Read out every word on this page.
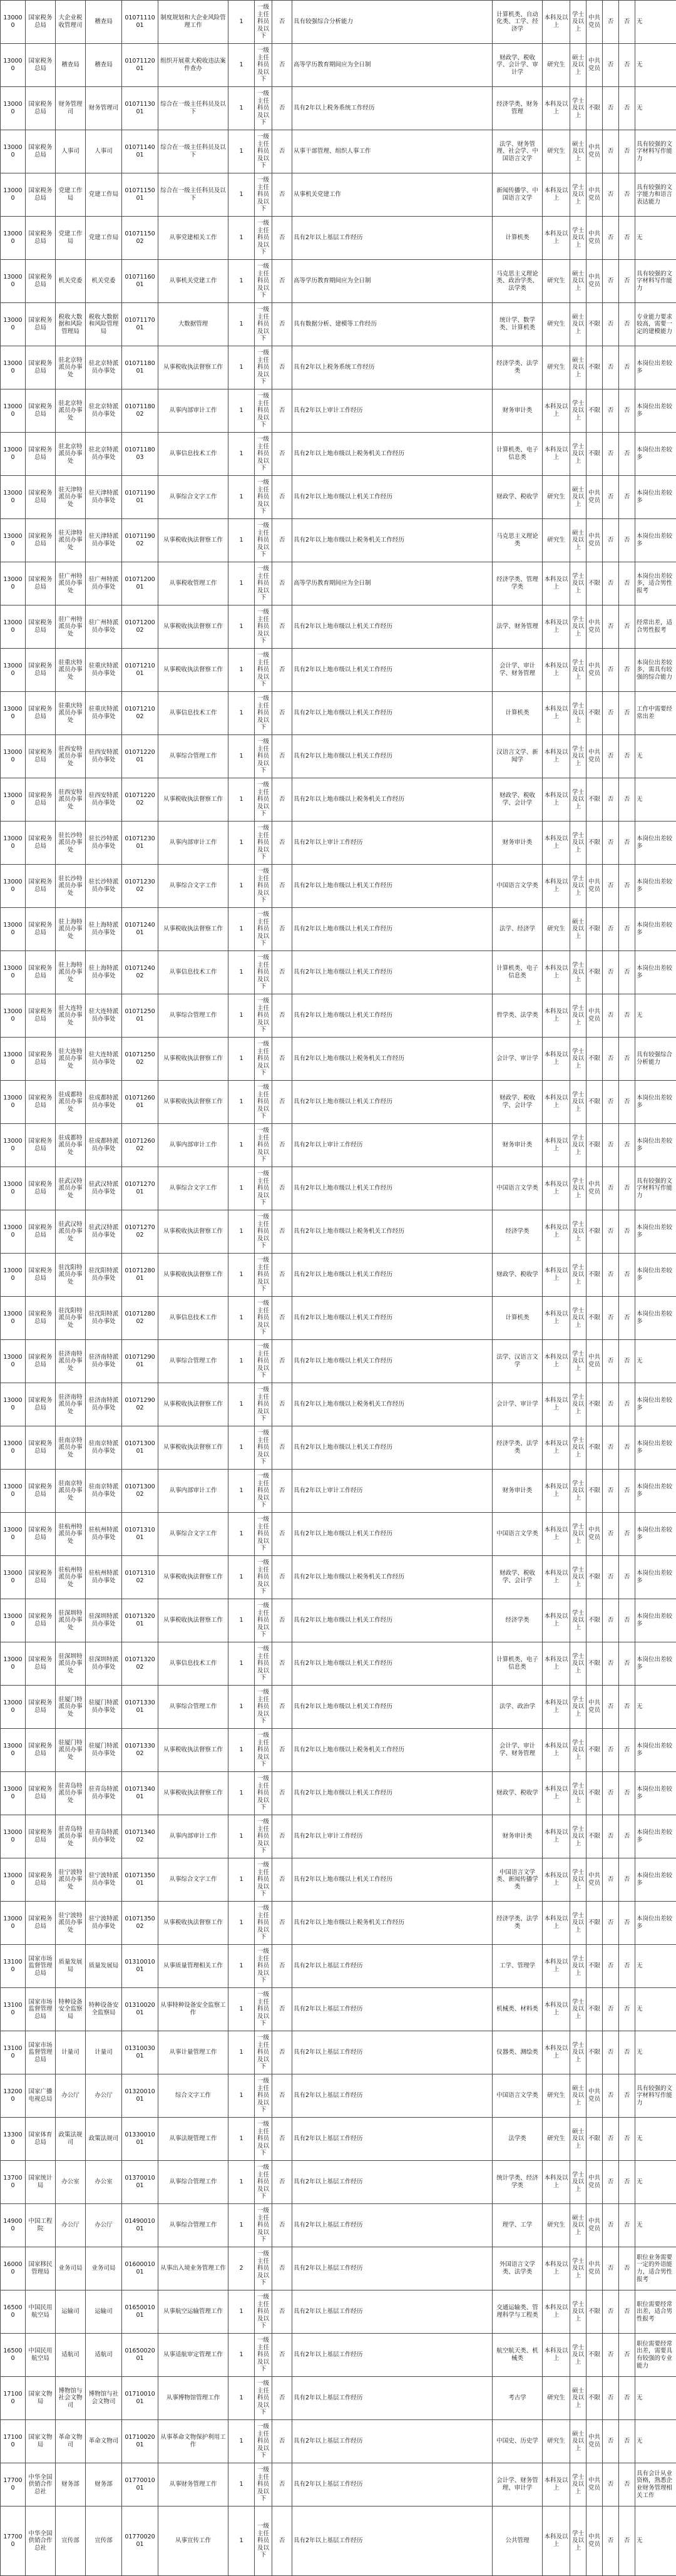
130000	国家税务总局	大企业税收管理司	稽查局	0107111001	制度规划和大企业风险管理工作	1	一级主任科员及以下	否	具有较强综合分析能力	计算机类、自动化类、工学、经济学	本科及以上	学士及以上	中共党员	否	否	无
130000	国家税务总局	稽查局	稽查局	0107112001	组织开展重大税收违法案件查办	1	一级主任科员及以下	否	高等学历教育期间应为全日制	财政学、税收学、会计学、审计学	研究生	硕士及以上	中共党员	否	否	无
130000	国家税务总局	财务管理司	财务管理司	0107113001	综合在一级主任科员及以下	1	一级主任科员及以下	否	具有2年以上税务系统工作经历	经济学类、财务管理	本科及以上	学士及以上	不限	否	否	无
130000	国家税务总局	人事司	人事司	0107114001	综合在一级主任科员及以下	1	一级主任科员及以下	否	从事干部管理、组织人事工作	法学、财务管理、社会学、中国语言文学	研究生	硕士及以上	中共党员	否	否	具有较强的文字材料写作能力
130000	国家税务总局	党建工作局	党建工作局	0107115001	综合在一级主任科员及以下	1	一级主任科员及以下	否	从事机关党建工作	新闻传播学、中国语言文学	本科及以上	学士及以上	中共党员	否	否	具有较强的文字能力和语言表达能力
130000	国家税务总局	党建工作局	党建工作局	0107115002	从事党建相关工作	1	一级主任科员及以下	否	具有2年以上基层工作经历	计算机类	本科及以上	学士及以上	中共党员	否	否	无
130000	国家税务总局	机关党委	机关党委	0107116001	从事机关党建工作	1	一级主任科员及以下	否	高等学历教育期间应为全日制	马克思主义理论类、政治学类、法学类	研究生	硕士及以上	中共党员	否	否	具有较强的文字材料写作能力
130000	国家税务总局	税收大数据和风险管理局	税收大数据和风险管理局	0107117001	大数据管理	1	一级主任科员及以下	否	具有数据分析、建模等工作经历	统计学、数学类、计算机类	研究生	硕士及以上	不限	否	否	专业能力要求较高，需要一定的建模能力
130000	国家税务总局	驻北京特派员办事处	驻北京特派员办事处	0107118001	从事税收执法督察工作	1	一级主任科员及以下	否	具有2年以上税务系统工作经历	经济学类、法学类	研究生	硕士及以上	不限	否	否	本岗位出差较多
130000	国家税务总局	驻北京特派员办事处	驻北京特派员办事处	0107118002	从事内部审计工作	1	一级主任科员及以下	否	具有2年以上审计工作经历	财务审计类	本科及以上	学士及以上	不限	否	否	本岗位出差较多
130000	国家税务总局	驻北京特派员办事处	驻北京特派员办事处	0107118003	从事信息技术工作	1	一级主任科员及以下	否	具有2年以上地市级以上税务机关工作经历	计算机类、电子信息类	本科及以上	学士及以上	不限	否	否	本岗位出差较多
130000	国家税务总局	驻天津特派员办事处	驻天津特派员办事处	0107119001	从事综合文字工作	1	一级主任科员及以下	否	具有2年以上地市级以上机关工作经历	财政学、税收学	研究生	硕士及以上	中共党员	否	否	本岗位出差较多
130000	国家税务总局	驻天津特派员办事处	驻天津特派员办事处	0107119002	从事税收执法督察工作	1	一级主任科员及以下	否	具有2年以上地市级以上税务机关工作经历	马克思主义理论类	研究生	硕士及以上	中共党员	否	否	本岗位出差较多
130000	国家税务总局	驻广州特派员办事处	驻广州特派员办事处	0107120001	从事税收管理工作	1	一级主任科员及以下	否	高等学历教育期间应为全日制	经济学类、管理学类	本科及以上	学士及以上	不限	否	否	本岗位出差较多，适合男性报考
130000	国家税务总局	驻广州特派员办事处	驻广州特派员办事处	0107120002	从事税收执法督察工作	1	一级主任科员及以下	否	具有2年以上地市级以上机关工作经历	法学、财务管理	本科及以上	学士及以上	中共党员	否	否	经常出差，适合男性报考
130000	国家税务总局	驻重庆特派员办事处	驻重庆特派员办事处	0107121001	从事税收执法督察工作	1	一级主任科员及以下	否	具有2年以上地市级以上机关工作经历	会计学、审计学、财务管理	本科及以上	学士及以上	中共党员	否	否	本岗位出差较多，需具有较强的综合能力
130000	国家税务总局	驻重庆特派员办事处	驻重庆特派员办事处	0107121002	从事信息技术工作	1	一级主任科员及以下	否	具有2年以上地市级以上机关工作经历	计算机类	本科及以上	学士及以上	不限	否	否	工作中需要经常出差
130000	国家税务总局	驻西安特派员办事处	驻西安特派员办事处	0107122001	从事综合管理工作	1	一级主任科员及以下	否	具有2年以上地市级以上机关工作经历	汉语言文学、新闻学	本科及以上	学士及以上	中共党员	否	否	无
130000	国家税务总局	驻西安特派员办事处	驻西安特派员办事处	0107122002	从事税收执法督察工作	1	一级主任科员及以下	否	具有2年以上地市级以上税务机关工作经历	财政学、税收学、会计学	本科及以上	学士及以上	不限	否	否	无
130000	国家税务总局	驻长沙特派员办事处	驻长沙特派员办事处	0107123001	从事内部审计工作	1	一级主任科员及以下	否	具有2年以上审计工作经历	财务审计类	本科及以上	学士及以上	不限	否	否	本岗位出差较多
130000	国家税务总局	驻长沙特派员办事处	驻长沙特派员办事处	0107123002	从事综合文字工作	1	一级主任科员及以下	否	具有2年以上地市级以上机关工作经历	中国语言文学类	本科及以上	学士及以上	中共党员	否	否	本岗位出差较多
130000	国家税务总局	驻上海特派员办事处	驻上海特派员办事处	0107124001	从事税收执法督察工作	1	一级主任科员及以下	否	具有2年以上地市级以上机关工作经历	法学、经济学	研究生	硕士及以上	不限	否	否	本岗位出差较多
130000	国家税务总局	驻上海特派员办事处	驻上海特派员办事处	0107124002	从事信息技术工作	1	一级主任科员及以下	否	具有2年以上地市级以上机关工作经历	计算机类、电子信息类	本科及以上	学士及以上	不限	否	否	本岗位出差较多
130000	国家税务总局	驻大连特派员办事处	驻大连特派员办事处	0107125001	从事综合管理工作	1	一级主任科员及以下	否	具有2年以上地市级以上机关工作经历	哲学类、法学类	本科及以上	学士及以上	中共党员	否	否	无
130000	国家税务总局	驻大连特派员办事处	驻大连特派员办事处	0107125002	从事税收执法督察工作	1	一级主任科员及以下	否	具有2年以上地市级以上税务机关工作经历	会计学、审计学	本科及以上	学士及以上	不限	否	否	具有较强综合分析能力
130000	国家税务总局	驻成都特派员办事处	驻成都特派员办事处	0107126001	从事税收执法督察工作	1	一级主任科员及以下	否	具有2年以上地市级以上机关工作经历	财政学、税收学、会计学	本科及以上	学士及以上	不限	否	否	本岗位出差较多
130000	国家税务总局	驻成都特派员办事处	驻成都特派员办事处	0107126002	从事内部审计工作	1	一级主任科员及以下	否	具有2年以上审计工作经历	财务审计类	本科及以上	学士及以上	不限	否	否	本岗位出差较多
130000	国家税务总局	驻武汉特派员办事处	驻武汉特派员办事处	0107127001	从事综合文字工作	1	一级主任科员及以下	否	具有2年以上地市级以上机关工作经历	中国语言文学类	本科及以上	学士及以上	中共党员	否	否	具有较强的文字材料写作能力
130000	国家税务总局	驻武汉特派员办事处	驻武汉特派员办事处	0107127002	从事税收执法督察工作	1	一级主任科员及以下	否	具有2年以上地市级以上税务机关工作经历	经济学类	本科及以上	学士及以上	不限	否	否	本岗位出差较多
130000	国家税务总局	驻沈阳特派员办事处	驻沈阳特派员办事处	0107128001	从事税收执法督察工作	1	一级主任科员及以下	否	具有2年以上地市级以上机关工作经历	财政学、税收学	本科及以上	学士及以上	不限	否	否	本岗位出差较多
130000	国家税务总局	驻沈阳特派员办事处	驻沈阳特派员办事处	0107128002	从事信息技术工作	1	一级主任科员及以下	否	具有2年以上地市级以上机关工作经历	计算机类	本科及以上	学士及以上	不限	否	否	本岗位出差较多
130000	国家税务总局	驻济南特派员办事处	驻济南特派员办事处	0107129001	从事综合管理工作	1	一级主任科员及以下	否	具有2年以上地市级以上机关工作经历	法学、汉语言文学	本科及以上	学士及以上	中共党员	否	否	无
130000	国家税务总局	驻济南特派员办事处	驻济南特派员办事处	0107129002	从事税收执法督察工作	1	一级主任科员及以下	否	具有2年以上地市级以上税务机关工作经历	会计学、审计学	本科及以上	学士及以上	不限	否	否	本岗位出差较多
130000	国家税务总局	驻南京特派员办事处	驻南京特派员办事处	0107130001	从事税收执法督察工作	1	一级主任科员及以下	否	具有2年以上地市级以上机关工作经历	经济学类、法学类	本科及以上	学士及以上	不限	否	否	本岗位出差较多
130000	国家税务总局	驻南京特派员办事处	驻南京特派员办事处	0107130002	从事内部审计工作	1	一级主任科员及以下	否	具有2年以上审计工作经历	财务审计类	本科及以上	学士及以上	不限	否	否	本岗位出差较多
130000	国家税务总局	驻杭州特派员办事处	驻杭州特派员办事处	0107131001	从事综合文字工作	1	一级主任科员及以下	否	具有2年以上地市级以上机关工作经历	中国语言文学类	本科及以上	学士及以上	中共党员	否	否	本岗位出差较多
130000	国家税务总局	驻杭州特派员办事处	驻杭州特派员办事处	0107131002	从事税收执法督察工作	1	一级主任科员及以下	否	具有2年以上地市级以上税务机关工作经历	财政学、税收学、会计学	本科及以上	学士及以上	不限	否	否	本岗位出差较多
130000	国家税务总局	驻深圳特派员办事处	驻深圳特派员办事处	0107132001	从事税收执法督察工作	1	一级主任科员及以下	否	具有2年以上地市级以上机关工作经历	经济学类	本科及以上	学士及以上	不限	否	否	本岗位出差较多
130000	国家税务总局	驻深圳特派员办事处	驻深圳特派员办事处	0107132002	从事信息技术工作	1	一级主任科员及以下	否	具有2年以上地市级以上机关工作经历	计算机类、电子信息类	本科及以上	学士及以上	不限	否	否	本岗位出差较多
130000	国家税务总局	驻厦门特派员办事处	驻厦门特派员办事处	0107133001	从事综合管理工作	1	一级主任科员及以下	否	具有2年以上地市级以上机关工作经历	法学、政治学	本科及以上	学士及以上	中共党员	否	否	无
130000	国家税务总局	驻厦门特派员办事处	驻厦门特派员办事处	0107133002	从事税收执法督察工作	1	一级主任科员及以下	否	具有2年以上地市级以上税务机关工作经历	会计学、审计学、财务管理	本科及以上	学士及以上	不限	否	否	本岗位出差较多
130000	国家税务总局	驻青岛特派员办事处	驻青岛特派员办事处	0107134001	从事税收执法督察工作	1	一级主任科员及以下	否	具有2年以上地市级以上机关工作经历	财政学、税收学	本科及以上	学士及以上	不限	否	否	本岗位出差较多
130000	国家税务总局	驻青岛特派员办事处	驻青岛特派员办事处	0107134002	从事内部审计工作	1	一级主任科员及以下	否	具有2年以上审计工作经历	财务审计类	本科及以上	学士及以上	不限	否	否	本岗位出差较多
130000	国家税务总局	驻宁波特派员办事处	驻宁波特派员办事处	0107135001	从事综合文字工作	1	一级主任科员及以下	否	具有2年以上地市级以上机关工作经历	中国语言文学类、新闻传播学类	本科及以上	学士及以上	中共党员	否	否	本岗位出差较多
130000	国家税务总局	驻宁波特派员办事处	驻宁波特派员办事处	0107135002	从事税收执法督察工作	1	一级主任科员及以下	否	具有2年以上地市级以上税务机关工作经历	经济学类、法学类	本科及以上	学士及以上	不限	否	否	本岗位出差较多
131000	国家市场监督管理总局	质量发展局	质量发展局	0131001001	从事质量管理相关工作	1	一级主任科员及以下	否	具有2年以上基层工作经历	工学、管理学	本科及以上	学士及以上	不限	否	否	无
131000	国家市场监督管理总局	特种设备安全监察局	特种设备安全监察局	0131002001	从事特种设备安全监察工作	1	一级主任科员及以下	否	具有2年以上基层工作经历	机械类、材料类	本科及以上	学士及以上	不限	否	否	无
131000	国家市场监督管理总局	计量司	计量司	0131003001	从事计量管理工作	1	一级主任科员及以下	否	具有2年以上基层工作经历	仪器类、测绘类	本科及以上	学士及以上	不限	否	否	无
132000	国家广播电视总局	办公厅	办公厅	0132001001	综合文字工作	1	一级主任科员及以下	否	具有2年以上基层工作经历	中国语言文学类	研究生	硕士及以上	中共党员	否	否	具有较强的文字材料写作能力
133000	国家体育总局	政策法规司	政策法规司	0133001001	从事法规管理工作	1	一级主任科员及以下	否	具有2年以上基层工作经历	法学类	研究生	硕士及以上	不限	否	否	无
137000	国家统计局	办公室	办公室	0137001001	从事综合管理工作	1	一级主任科员及以下	否	具有2年以上基层工作经历	统计学类、经济学类	本科及以上	学士及以上	中共党员	否	否	无
149000	中国工程院	办公厅	办公厅	0149001001	从事综合管理工作	1	一级主任科员及以下	否	具有2年以上基层工作经历	理学、工学	研究生	硕士及以上	中共党员	否	否	无
160000	国家移民管理局	业务司局	业务司局	0160001001	从事出入境业务管理工作	2	一级主任科员及以下	否	具有2年以上基层工作经历	外国语言文学类、法学类	本科及以上	学士及以上	中共党员	否	否	职位业务需要一定的外语能力，适合男性报考
165000	中国民用航空局	运输司	运输司	0165001001	从事航空运输管理工作	1	一级主任科员及以下	否	具有2年以上基层工作经历	交通运输类、管理科学与工程类	本科及以上	学士及以上	不限	否	否	职位需要经常出差，适合男性报考
165000	中国民用航空局	适航司	适航司	0165002001	从事适航审定管理工作	1	一级主任科员及以下	否	具有2年以上基层工作经历	航空航天类、机械类	本科及以上	学士及以上	不限	否	否	职位需要经常出差，需要具有较强的专业能力
171000	国家文物局	博物馆与社会文物司	博物馆与社会文物司	0171001001	从事博物馆管理工作	1	一级主任科员及以下	否	具有2年以上基层工作经历	考古学	研究生	硕士及以上	不限	否	否	无
171000	国家文物局	革命文物司	革命文物司	0171002001	从事革命文物保护利用工作	1	一级主任科员及以下	否	具有2年以上基层工作经历	中国史、历史学	研究生	硕士及以上	中共党员	否	否	无
177000	中华全国供销合作总社	财务部	财务部	0177001001	从事财务管理工作	1	一级主任科员及以下	否	具有2年以上基层工作经历	会计学、财务管理、审计学	本科及以上	学士及以上	中共党员	否	否	具有会计从业资格，熟悉企业财务管理相关工作
177000	中华全国供销合作总社	宣传部	宣传部	0177002001	从事宣传工作	1	一级主任科员及以下	否	具有2年以上基层工作经历	公共管理	本科及以上	学士及以上	中共党员	否	否	无
